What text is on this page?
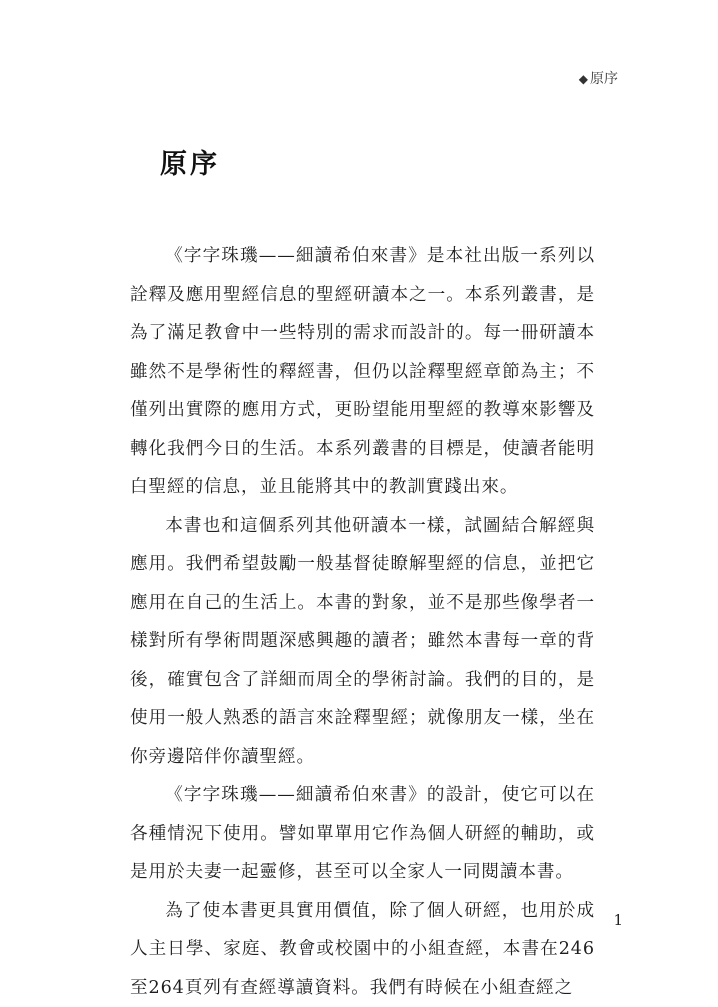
◆ 原序
原序

《字字珠璣——細讀希伯來書》是本社出版一系列以詮釋及應用聖經信息的聖經研讀本之一。本系列叢書，是為了滿足教會中一些特別的需求而設計的。每一冊研讀本雖然不是學術性的釋經書，但仍以詮釋聖經章節為主；不僅列出實際的應用方式，更盼望能用聖經的教導來影響及轉化我們今日的生活。本系列叢書的目標是，使讀者能明白聖經的信息，並且能將其中的教訓實踐出來。

本書也和這個系列其他研讀本一樣，試圖結合解經與應用。我們希望鼓勵一般基督徒瞭解聖經的信息，並把它應用在自己的生活上。本書的對象，並不是那些像學者一樣對所有學術問題深感興趣的讀者；雖然本書每一章的背後，確實包含了詳細而周全的學術討論。我們的目的，是使用一般人熟悉的語言來詮釋聖經；就像朋友一樣，坐在你旁邊陪伴你讀聖經。

《字字珠璣——細讀希伯來書》的設計，使它可以在各種情況下使用。譬如單單用它作為個人研經的輔助，或是用於夫妻一起靈修，甚至可以全家人一同閱讀本書。

為了使本書更具實用價值，除了個人研經，也用於成人主日學、家庭、教會或校園中的小組查經，本書在246至264頁列有查經導讀資料。我們有時候在小組查經之

1
